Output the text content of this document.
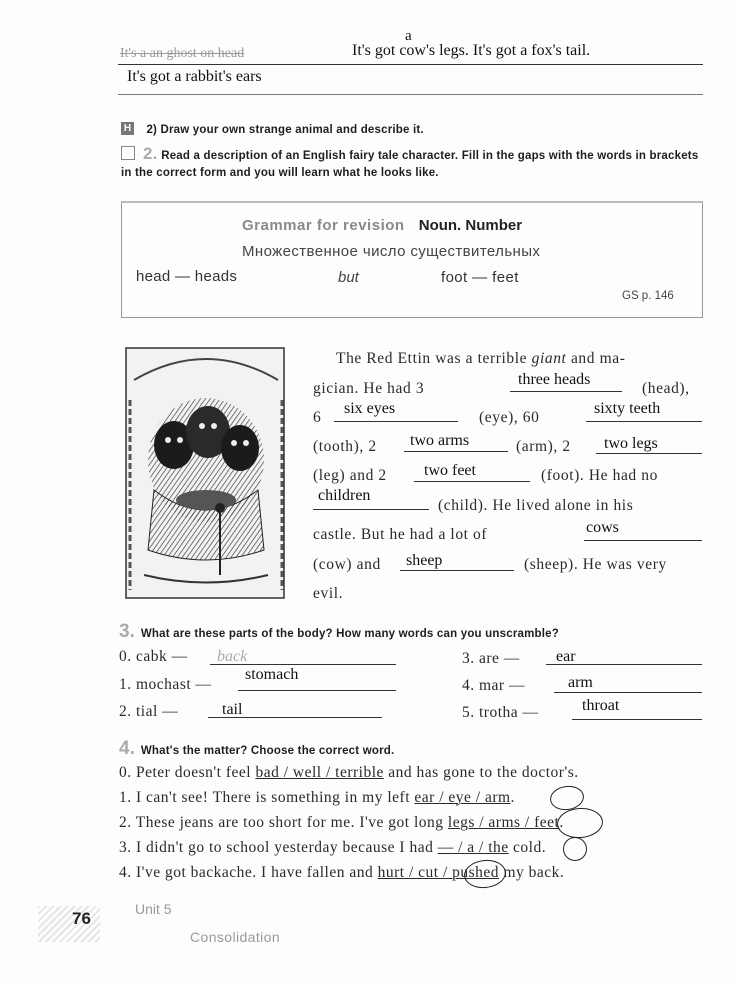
a
It's a an ghost on head	It's got cow's legs. It's got a fox's tail.
It's got a rabbit's ears
H 2) Draw your own strange animal and describe it.
2. Read a description of an English fairy tale character. Fill in the gaps with the words in brackets in the correct form and you will learn what he looks like.
Grammar for revision Noun. Number
Множественное число существительных
head — heads	but	foot — feet
GS p. 146
The Red Ettin was a terrible giant and ma-
gician. He had 3
three heads
(head),
6
six eyes
(eye), 60
sixty teeth
(tooth), 2 two arms	(arm), 2 two legs
(leg) and 2 two feet	(foot). He had no
children
(child). He lived alone in his
castle. But he had a lot of	cows
(cow) and sheep	(sheep). He was very
evil.
3. What are these parts of the body? How many words can you unscramble?
0. cabk — back
1. mochast —
stomach
2. tial —	tail
3. are — ear
4. mar —	arm
5. trotha —	throat
4. What's the matter? Choose the correct word.
0. Peter doesn't feel bad / well / terrible and has gone to the doctor's.
1. I can't see! There is something in my left ear / eye / arm.
2. These jeans are too short for me. I've got long legs / arms / feet.
3. I didn't go to school yesterday because I had — / a / the cold.
4. I've got backache. I have fallen and hurt / cut / pushed my back.
76	Unit 5
Consolidation
